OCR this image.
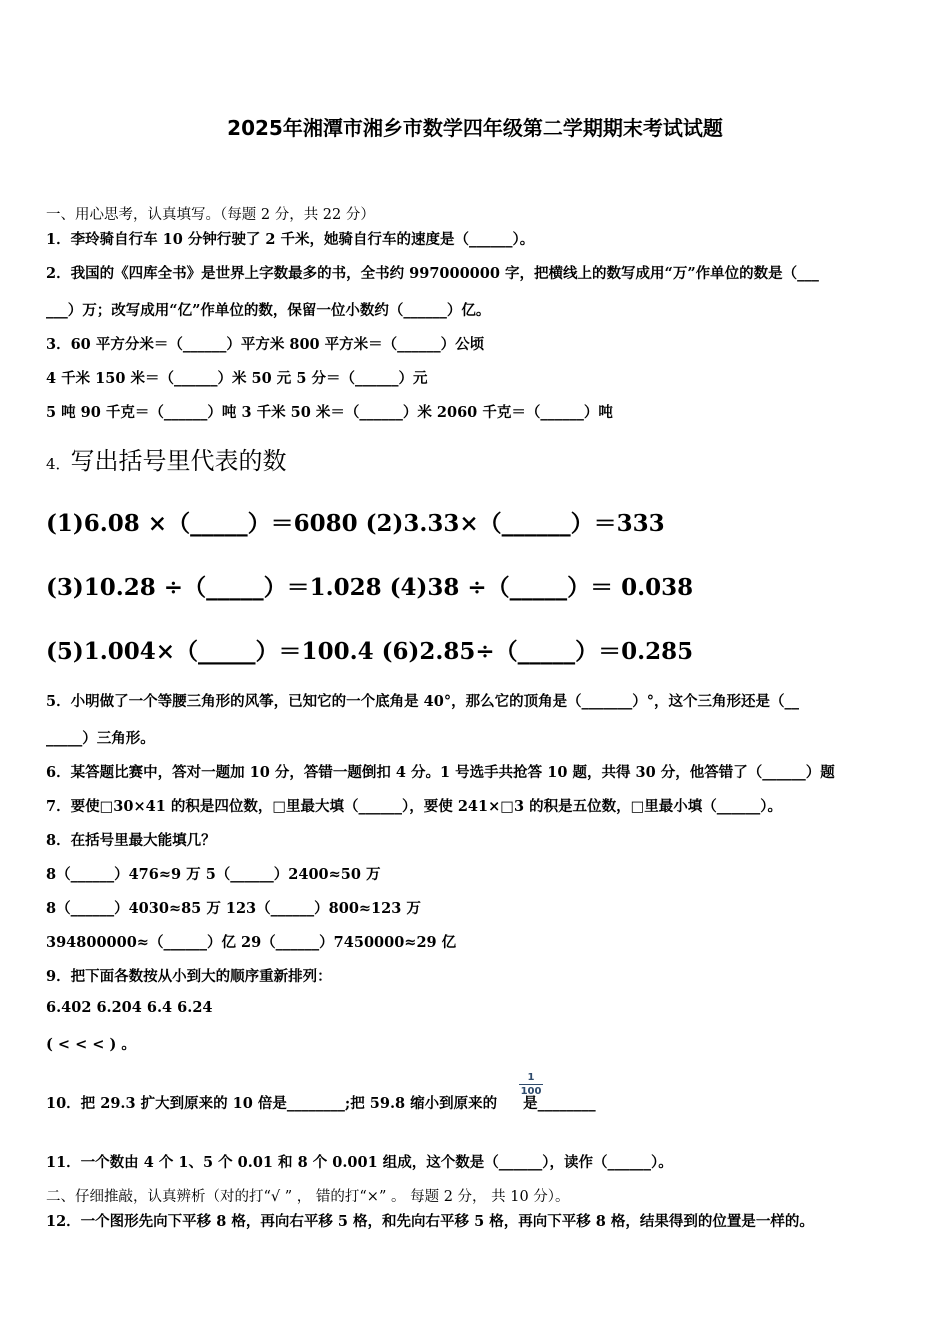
2025年湘潭市湘乡市数学四年级第二学期期末考试试题
一、用心思考，认真填写。（每题 2 分，共 22 分）
1．李玲骑自行车 10 分钟行驶了 2 千米，她骑自行车的速度是（______）。
2．我国的《四库全书》是世界上字数最多的书，全书约 997000000 字，把横线上的数写成用“万”作单位的数是（___
___）万；改写成用“亿”作单位的数，保留一位小数约（______）亿。
3．60 平方分米＝（______）平方米 800 平方米＝（______）公顷
4 千米 150 米＝（______）米 50 元 5 分＝（______）元
5 吨 90 千克＝（______）吨 3 千米 50 米＝（______）米 2060 千克＝（______）吨
4．写出括号里代表的数
(1)6.08 ×（_____）＝6080 (2)3.33×（______）＝333
(3)10.28 ÷（_____）＝1.028 (4)38 ÷（_____）＝ 0.038
(5)1.004×（_____）＝100.4 (6)2.85÷（_____）＝0.285
5．小明做了一个等腰三角形的风筝，已知它的一个底角是 40°，那么它的顶角是（_______）°，这个三角形还是（__
_____）三角形。
6．某答题比赛中，答对一题加 10 分，答错一题倒扣 4 分。1 号选手共抢答 10 题，共得 30 分，他答错了（______）题
7．要使□30×41 的积是四位数，□里最大填（______），要使 241×□3 的积是五位数，□里最小填（______）。
8．在括号里最大能填几？
8（______）476≈9 万 5（______）2400≈50 万
8（______）4030≈85 万 123（______）800≈123 万
394800000≈（______）亿 29（______）7450000≈29 亿
9．把下面各数按从小到大的顺序重新排列：
6.402 6.204 6.4 6.24
( < < < ) 。
10．把 29.3 扩大到原来的 10 倍是________;把 59.8 缩小到原来的 是________
1
100
11．一个数由 4 个 1、5 个 0.01 和 8 个 0.001 组成，这个数是（______），读作（______）。
二、仔细推敲，认真辨析（对的打“√ ” ， 错的打“×” 。 每题 2 分， 共 10 分）。
12．一个图形先向下平移 8 格，再向右平移 5 格，和先向右平移 5 格，再向下平移 8 格，结果得到的位置是一样的。
